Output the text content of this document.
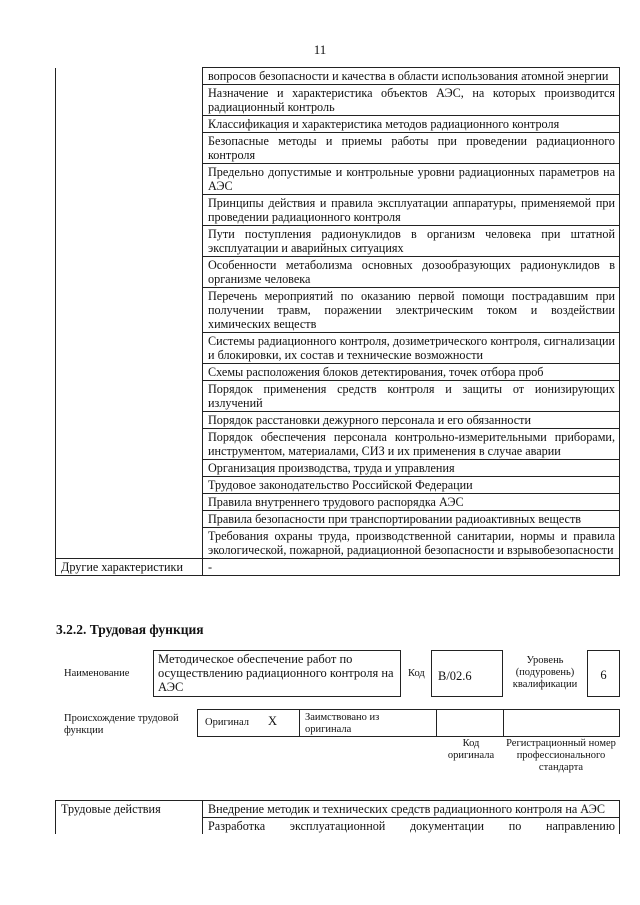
11
	вопросов безопасности и качества в области использования атомной энергии
	Назначение и характеристика объектов АЭС, на которых производится радиационный контроль
	Классификация и характеристика методов радиационного контроля
	Безопасные методы и приемы работы при проведении радиационного контроля
	Предельно допустимые и контрольные уровни радиационных параметров на АЭС
	Принципы действия и правила эксплуатации аппаратуры, применяемой при проведении радиационного контроля
	Пути поступления радионуклидов в организм человека при штатной эксплуатации и аварийных ситуациях
	Особенности метаболизма основных дозообразующих радионуклидов в организме человека
	Перечень мероприятий по оказанию первой помощи пострадавшим при получении травм, поражении электрическим током и воздействии химических веществ
	Системы радиационного контроля, дозиметрического контроля, сигнализации и блокировки, их состав и технические возможности
	Схемы расположения блоков детектирования, точек отбора проб
	Порядок применения средств контроля и защиты от ионизирующих излучений
	Порядок расстановки дежурного персонала и его обязанности
	Порядок обеспечения персонала контрольно-измерительными приборами, инструментом, материалами, СИЗ и их применения в случае аварии
	Организация производства, труда и управления
	Трудовое законодательство Российской Федерации
	Правила внутреннего трудового распорядка АЭС
	Правила безопасности при транспортировании радиоактивных веществ
	Требования охраны труда, производственной санитарии, нормы и правила экологической, пожарной, радиационной безопасности и взрывобезопасности
Другие характеристики	-
3.2.2. Трудовая функция
Наименование
Методическое обеспечение работ по осуществлению радиационного контроля на АЭС
Код	В/02.6
Уровень (подуровень) квалификации
6
Происхождение трудовой функции
Оригинал X	Заимствовано из оригинала
Код оригинала
Регистрационный номер профессионального стандарта
Трудовые действия	Внедрение методик и технических средств радиационного контроля на АЭС
Разработка эксплуатационной документации по направлению
